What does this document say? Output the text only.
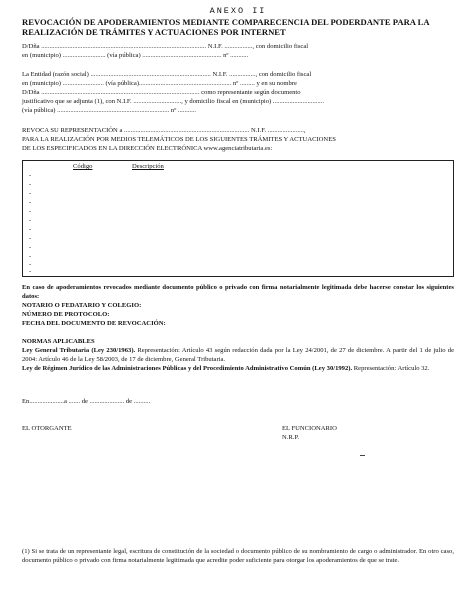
ANEXO II
REVOCACIÓN DE APODERAMIENTOS MEDIANTE COMPARECENCIA DEL PODERDANTE PARA LA REALIZACIÓN DE TRÁMITES Y ACTUACIONES POR INTERNET
D/Dña .................................................................................................... N.I.F. ................., con domicilio fiscal
en (municipio) .......................... (vía pública) ................................................ nº ...........
La Entidad (razón social) ......................................................................... N.I.F. ................, con domicilio fiscal
en (municipio) ......................... (vía pública)........................................................ nº ......... y en su nombre
D/Dña ................................................................................................ como representante según documento
justificativo que se adjunta (1), con N.I.F. ............................., y domicilio fiscal en (municipio) ...............................
(vía pública) .................................................................... nº ...........
REVOCA SU REPRESENTACIÓN a ............................................................................ N.I.F. ......................,
PARA LA REALIZACIÓN POR MEDIOS TELEMÁTICOS DE LOS SIGUIENTES TRÁMITES Y ACTUACIONES
DE LOS ESPECIFICADOS EN LA DIRECCIÓN ELECTRÓNICA www.agenciatributaria.es:
Código	Descripción
-
-
-
-
-
-
-
-
-
-
-
-
En caso de apoderamientos revocados mediante documento público o privado con firma notarialmente legitimada debe hacerse constar los siguientes datos:
NOTARIO O FEDATARIO Y COLEGIO:
NÚMERO DE PROTOCOLO:
FECHA DEL DOCUMENTO DE REVOCACIÓN:
NORMAS APLICABLES
Ley General Tributaria (Ley 230/1963). Representación: Artículo 43 según redacción dada por la Ley 24/2001, de 27 de diciembre. A partir del 1 de julio de 2004: Artículo 46 de la Ley 58/2003, de 17 de diciembre, General Tributaria.
Ley de Régimen Jurídico de las Administraciones Públicas y del Procedimiento Administrativo Común (Ley 30/1992). Representación: Artículo 32.
En.....................a ....... de ..................... de ..........
EL OTORGANTE	EL FUNCIONARIO
N.R.P.
(1) Si se trata de un representante legal, escritura de constitución de la sociedad o documento público de su nombramiento de cargo o administrador. En otro caso, documento público o privado con firma notarialmente legitimada que acredite poder suficiente para otorgar los apoderamientos de que se trate.
